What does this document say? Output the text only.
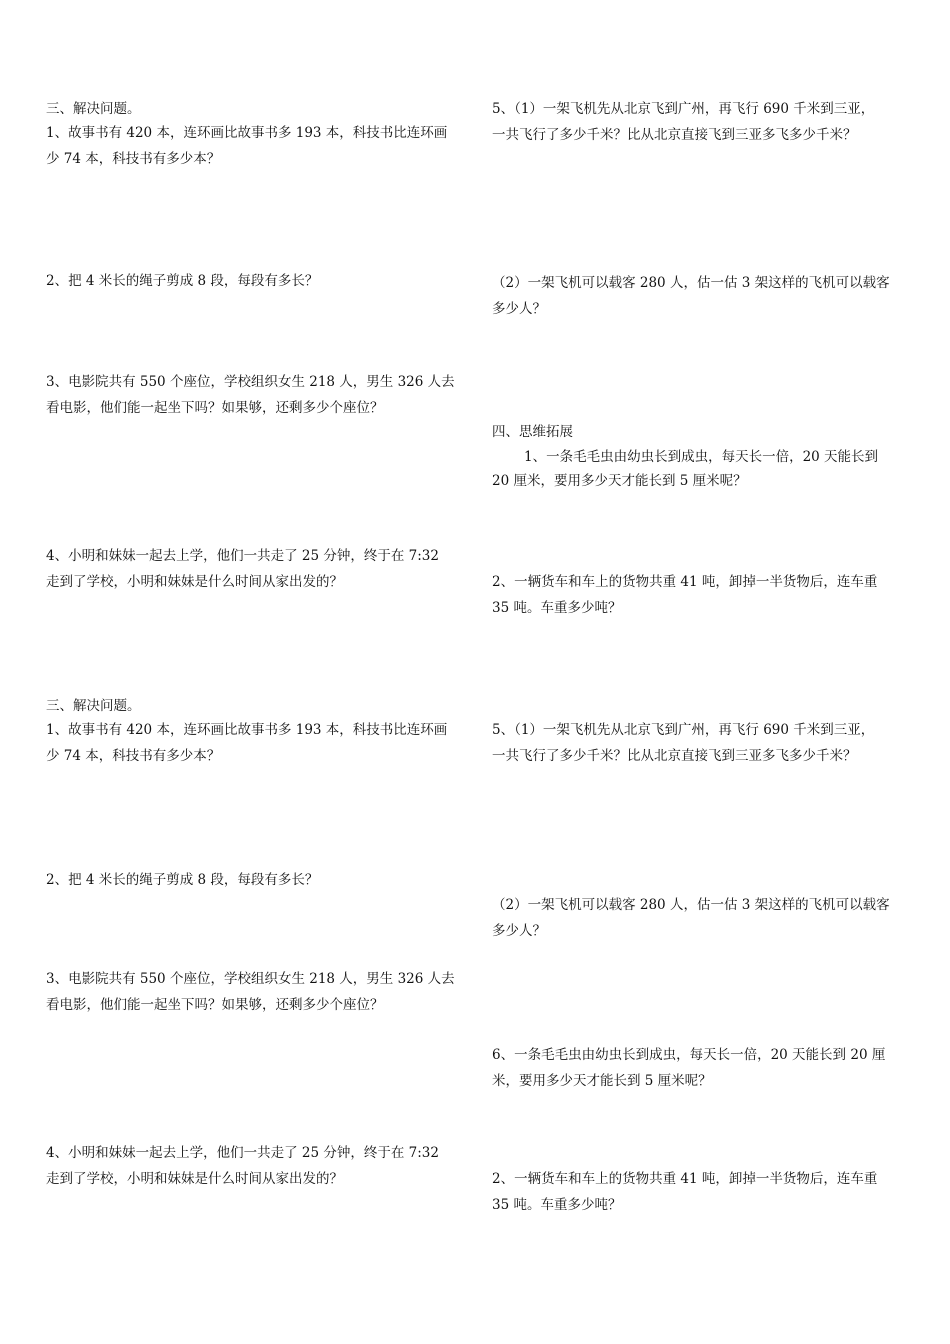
三、解决问题。
1、故事书有 420 本，连环画比故事书多 193 本，科技书比连环画
少 74 本，科技书有多少本？
2、把 4 米长的绳子剪成 8 段，每段有多长？
3、电影院共有 550 个座位，学校组织女生 218 人，男生 326 人去
看电影，他们能一起坐下吗？如果够，还剩多少个座位？
4、小明和妹妹一起去上学，他们一共走了 25 分钟，终于在 7:32
走到了学校，小明和妹妹是什么时间从家出发的？
5、（1）一架飞机先从北京飞到广州，再飞行 690 千米到三亚，
一共飞行了多少千米？比从北京直接飞到三亚多飞多少千米？
（2）一架飞机可以载客 280 人，估一估 3 架这样的飞机可以载客
多少人？
四、思维拓展
1、一条毛毛虫由幼虫长到成虫，每天长一倍，20 天能长到
20 厘米，要用多少天才能长到 5 厘米呢？
2、一辆货车和车上的货物共重 41 吨，卸掉一半货物后，连车重
35 吨。车重多少吨？
三、解决问题。
1、故事书有 420 本，连环画比故事书多 193 本，科技书比连环画
少 74 本，科技书有多少本？
2、把 4 米长的绳子剪成 8 段，每段有多长？
3、电影院共有 550 个座位，学校组织女生 218 人，男生 326 人去
看电影，他们能一起坐下吗？如果够，还剩多少个座位？
4、小明和妹妹一起去上学，他们一共走了 25 分钟，终于在 7:32
走到了学校，小明和妹妹是什么时间从家出发的？
5、（1）一架飞机先从北京飞到广州，再飞行 690 千米到三亚，
一共飞行了多少千米？比从北京直接飞到三亚多飞多少千米？
（2）一架飞机可以载客 280 人，估一估 3 架这样的飞机可以载客
多少人？
6、一条毛毛虫由幼虫长到成虫，每天长一倍，20 天能长到 20 厘
米，要用多少天才能长到 5 厘米呢？
2、一辆货车和车上的货物共重 41 吨，卸掉一半货物后，连车重
35 吨。车重多少吨？
